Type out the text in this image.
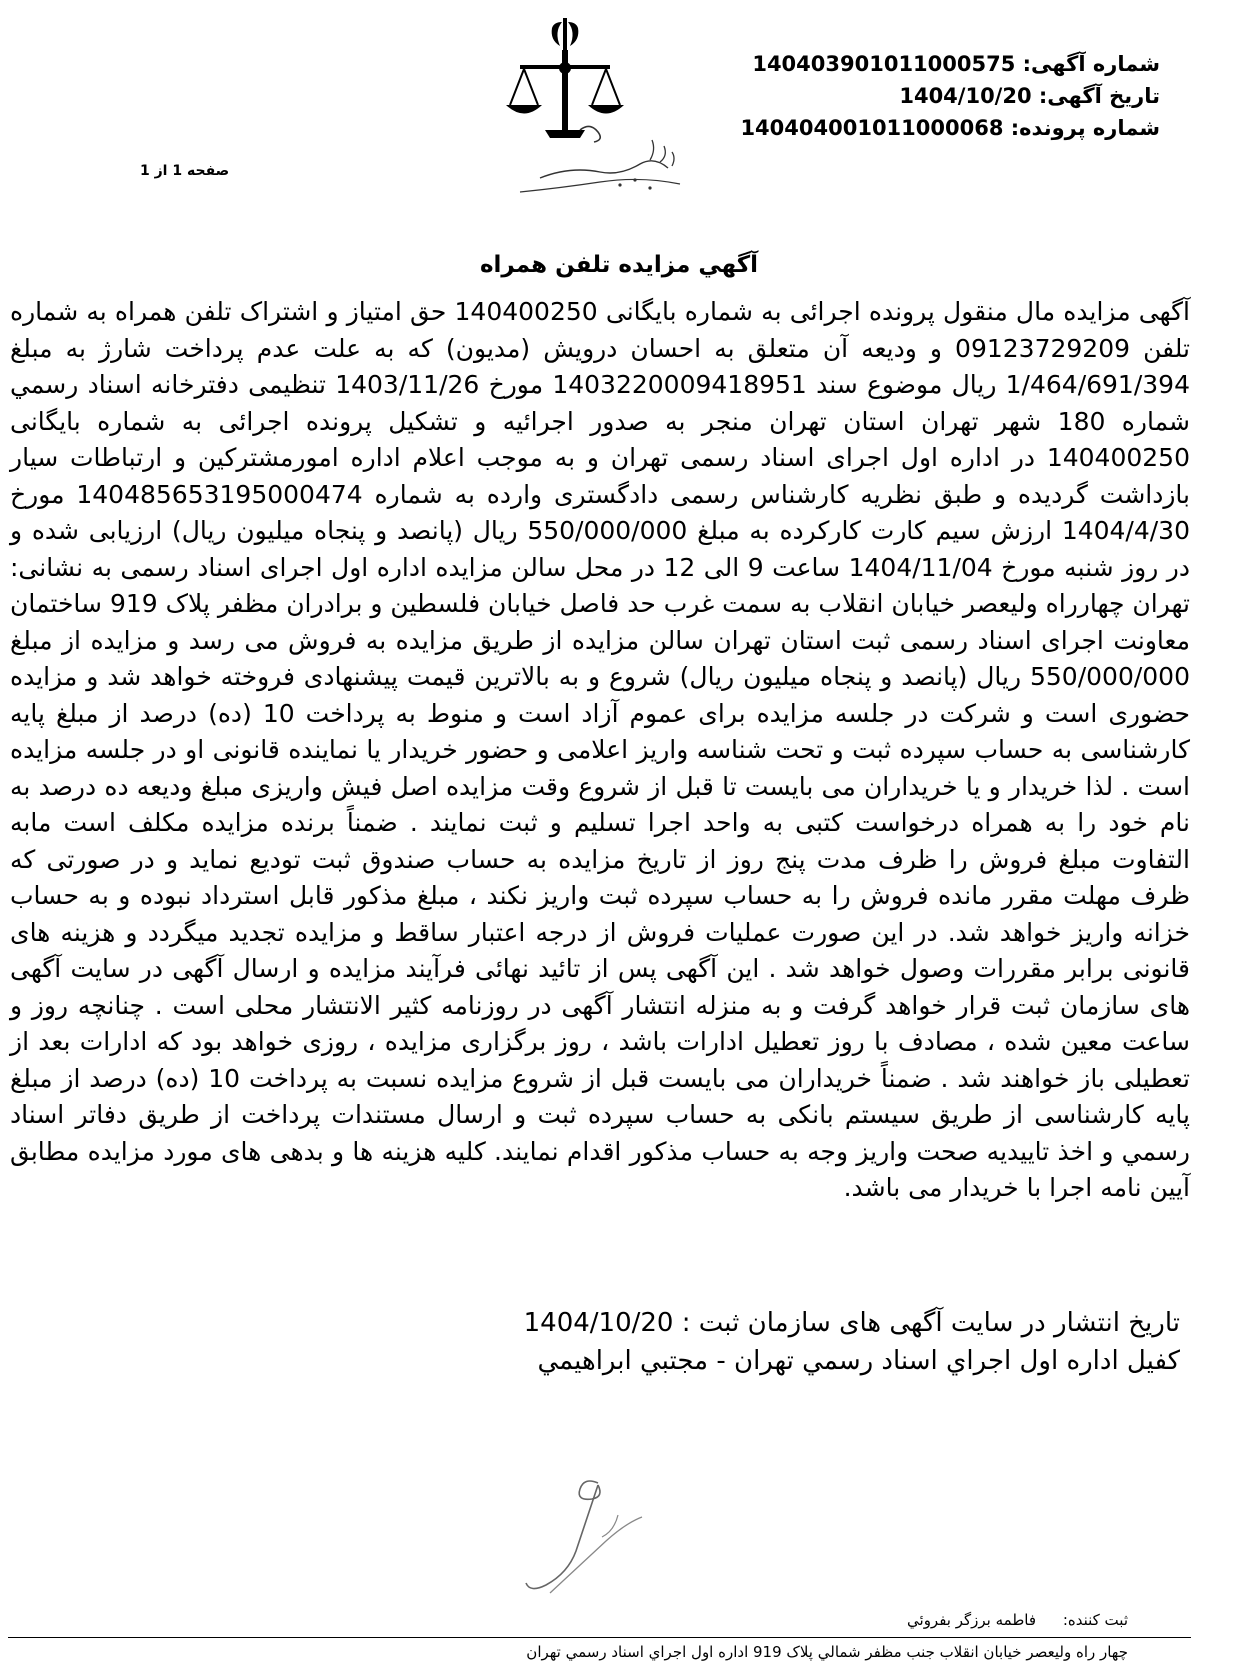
شماره آگهی: 14040390101100057​5
تاریخ آگهی: 1404/10/20
شماره پرونده: 14040400101100006​8
صفحه 1 از 1
آگهي مزايده تلفن همراه
آگهی مزایده مال منقول پرونده اجرائی به شماره بایگانی 140400250 حق امتیاز و اشتراک تلفن همراه به شماره تلفن 09123729209 و ودیعه آن متعلق به احسان درویش (مدیون) که به علت عدم پرداخت شارژ به مبلغ 1/464/691/394 ریال موضوع سند 140322000941895​1 مورخ 1403/11/26 تنظیمی دفترخانه اسناد رسمي شماره 180 شهر تهران استان تهران منجر به صدور اجرائیه و تشکیل پرونده اجرائی به شماره بایگانی 140400250 در اداره اول اجرای اسناد رسمی تهران و به موجب اعلام اداره امورمشترکین و ارتباطات سیار بازداشت گردیده و طبق نظریه کارشناس رسمی دادگستری وارده به شماره 14048565319500047​4 مورخ 1404/4/30 ارزش سیم کارت کارکرده به مبلغ 550/000/000 ریال (پانصد و پنجاه میلیون ریال) ارزیابی شده و در روز شنبه مورخ 1404/11/04 ساعت 9 الی 12 در محل سالن مزایده اداره اول اجرای اسناد رسمی به نشانی: تهران چهارراه ولیعصر خیابان انقلاب به سمت غرب حد فاصل خیابان فلسطین و برادران مظفر پلاک 919 ساختمان معاونت اجرای اسناد رسمی ثبت استان تهران سالن مزایده از طریق مزایده به فروش می رسد و مزایده از مبلغ 550/000/000 ریال (پانصد و پنجاه میلیون ریال) شروع و به بالاترین قیمت پیشنهادی فروخته خواهد شد و مزایده حضوری است و شرکت در جلسه مزایده برای عموم آزاد است و منوط به پرداخت 10 (ده) درصد از مبلغ پایه کارشناسی به حساب سپرده ثبت و تحت شناسه واریز اعلامی و حضور خریدار یا نماینده قانونی او در جلسه مزایده است . لذا خریدار و یا خریداران می بایست تا قبل از شروع وقت مزایده اصل فیش واریزی مبلغ ودیعه ده درصد به نام خود را به همراه درخواست کتبی به واحد اجرا تسلیم و ثبت نمایند . ضمناً برنده مزایده مکلف است مابه التفاوت مبلغ فروش را ظرف مدت پنج روز از تاریخ مزایده به حساب صندوق ثبت تودیع نماید و در صورتی که ظرف مهلت مقرر مانده فروش را به حساب سپرده ثبت واریز نکند ، مبلغ مذکور قابل استرداد نبوده و به حساب خزانه واریز خواهد شد. در این صورت عملیات فروش از درجه اعتبار ساقط و مزایده تجدید میگردد و هزینه های قانونی برابر مقررات وصول خواهد شد . این آگهی پس از تائید نهائی فرآیند مزایده و ارسال آگهی در سایت آگهی های سازمان ثبت قرار خواهد گرفت و به منزله انتشار آگهی در روزنامه کثیر الانتشار محلی است . چنانچه روز و ساعت معین شده ، مصادف با روز تعطیل ادارات باشد ، روز برگزاری مزایده ، روزی خواهد بود که ادارات بعد از تعطیلی باز خواهند شد . ضمناً خریداران می بایست قبل از شروع مزایده نسبت به پرداخت 10 (ده) درصد از مبلغ پایه کارشناسی از طریق سیستم بانکی به حساب سپرده ثبت و ارسال مستندات پرداخت از طریق دفاتر اسناد رسمي و اخذ تاییدیه صحت واریز وجه به حساب مذکور اقدام نمایند. کلیه هزینه ها و بدهی های مورد مزایده مطابق آیین نامه اجرا با خریدار می باشد.
تاریخ انتشار در سایت آگهی های سازمان ثبت : 1404/10/20
کفيل اداره اول اجراي اسناد رسمي تهران - مجتبي ابراهيمي
ثبت کننده: فاطمه برزگر بفروئي
چهار راه وليعصر خيابان انقلاب جنب مظفر شمالي پلاک 919 اداره اول اجراي اسناد رسمي تهران
